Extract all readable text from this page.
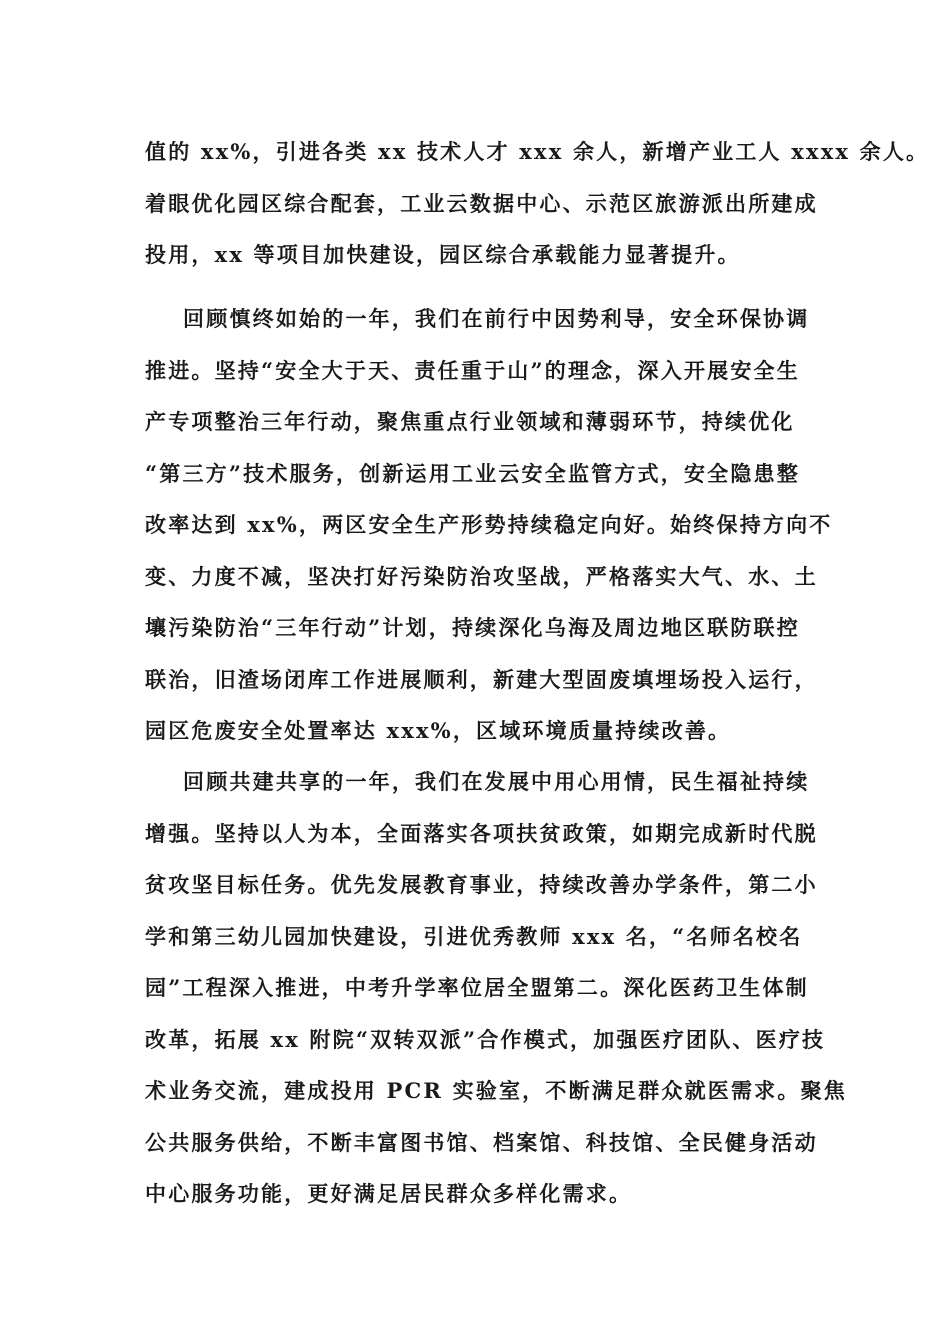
值的 xx%，引进各类 xx 技术人才 xxx 余人，新增产业工人 xxxx 余人。
着眼优化园区综合配套，工业云数据中心、示范区旅游派出所建成
投用，xx 等项目加快建设，园区综合承载能力显著提升。
回顾慎终如始的一年，我们在前行中因势利导，安全环保协调
推进。坚持“安全大于天、责任重于山”的理念，深入开展安全生
产专项整治三年行动，聚焦重点行业领域和薄弱环节，持续优化
“第三方”技术服务，创新运用工业云安全监管方式，安全隐患整
改率达到 xx%，两区安全生产形势持续稳定向好。始终保持方向不
变、力度不减，坚决打好污染防治攻坚战，严格落实大气、水、土
壤污染防治“三年行动”计划，持续深化乌海及周边地区联防联控
联治，旧渣场闭库工作进展顺利，新建大型固废填埋场投入运行，
园区危废安全处置率达 xxx%，区域环境质量持续改善。
回顾共建共享的一年，我们在发展中用心用情，民生福祉持续
增强。坚持以人为本，全面落实各项扶贫政策，如期完成新时代脱
贫攻坚目标任务。优先发展教育事业，持续改善办学条件，第二小
学和第三幼儿园加快建设，引进优秀教师 xxx 名，“名师名校名
园”工程深入推进，中考升学率位居全盟第二。深化医药卫生体制
改革，拓展 xx 附院“双转双派”合作模式，加强医疗团队、医疗技
术业务交流，建成投用 PCR 实验室，不断满足群众就医需求。聚焦
公共服务供给，不断丰富图书馆、档案馆、科技馆、全民健身活动
中心服务功能，更好满足居民群众多样化需求。
